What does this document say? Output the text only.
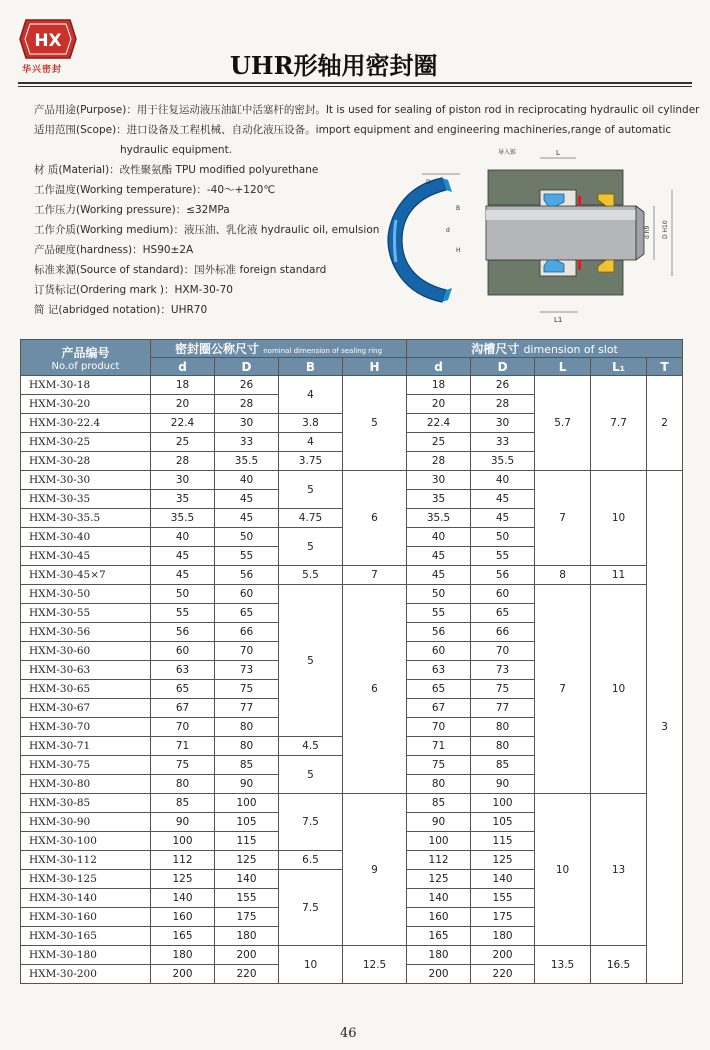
HX
华兴密封	UHR形轴用密封圈
产品用途(Purpose)：用于往复运动液压油缸中活塞杆的密封。It is used for sealing of piston rod in reciprocating hydraulic oil cylinder
适用范围(Scope)：进口设备及工程机械、自动化液压设备。import equipment and engineering machineries,range of automatic
hydraulic equipment.
材 质(Material)：改性聚氨酯 TPU modified polyurethane
工作温度(Working temperature)：-40～+120℃
工作压力(Working pressure)：≤32MPa
工作介质(Working medium)：液压油、乳化液 hydraulic oil, emulsion
产品硬度(hardness)：HS90±2A
标准来源(Source of standard)：国外标准 foreign standard
订货标记(Ordering mark )：HXM-30-70
简 记(abridged notation)：UHR70
D
d
B
H
L
L1
导入锥
d h9 D H10
产品编号
No.of product	密封圈公称尺寸 nominal dimension of sealing ring				沟槽尺寸 dimension of slot				
	d	D	B	H	d	D	L	L₁	T
HXM-30-18	18	26	4	5	18	26	5.7	7.7	2
HXM-30-20	20	28			20	28			
HXM-30-22.4	22.4	30	3.8		22.4	30			
HXM-30-25	25	33	4		25	33			
HXM-30-28	28	35.5	3.75		28	35.5			
HXM-30-30	30	40	5	6	30	40	7	10	3
HXM-30-35	35	45			35	45			
HXM-30-35.5	35.5	45	4.75		35.5	45			
HXM-30-40	40	50	5		40	50			
HXM-30-45	45	55			45	55			
HXM-30-45×7	45	56	5.5	7	45	56	8	11	
HXM-30-50	50	60	5	6	50	60	7	10	
HXM-30-55	55	65			55	65			
HXM-30-56	56	66			56	66			
HXM-30-60	60	70			60	70			
HXM-30-63	63	73			63	73			
HXM-30-65	65	75			65	75			
HXM-30-67	67	77			67	77			
HXM-30-70	70	80			70	80			
HXM-30-71	71	80	4.5		71	80			
HXM-30-75	75	85	5		75	85			
HXM-30-80	80	90			80	90			
HXM-30-85	85	100	7.5	9	85	100	10	13	
HXM-30-90	90	105			90	105			
HXM-30-100	100	115			100	115			
HXM-30-112	112	125	6.5		112	125			
HXM-30-125	125	140	7.5		125	140			
HXM-30-140	140	155			140	155			
HXM-30-160	160	175			160	175			
HXM-30-165	165	180			165	180			
HXM-30-180	180	200	10	12.5	180	200	13.5	16.5	
HXM-30-200	200	220			200	220			
46
